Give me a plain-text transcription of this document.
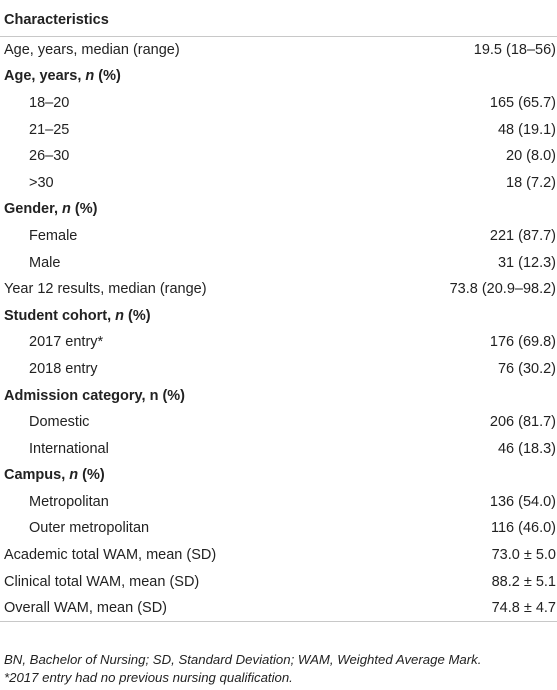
Characteristics	
Age, years, median (range)	19.5 (18–56)
Age, years, n (%)	
18–20	165 (65.7)
21–25	48 (19.1)
26–30	20 (8.0)
>30	18 (7.2)
Gender, n (%)	
Female	221 (87.7)
Male	31 (12.3)
Year 12 results, median (range)	73.8 (20.9–98.2)
Student cohort, n (%)	
2017 entry*	176 (69.8)
2018 entry	76 (30.2)
Admission category, n (%)	
Domestic	206 (81.7)
International	46 (18.3)
Campus, n (%)	
Metropolitan	136 (54.0)
Outer metropolitan	116 (46.0)
Academic total WAM, mean (SD)	73.0 ± 5.0
Clinical total WAM, mean (SD)	88.2 ± 5.1
Overall WAM, mean (SD)	74.8 ± 4.7
BN, Bachelor of Nursing; SD, Standard Deviation; WAM, Weighted Average Mark.
*2017 entry had no previous nursing qualification.
